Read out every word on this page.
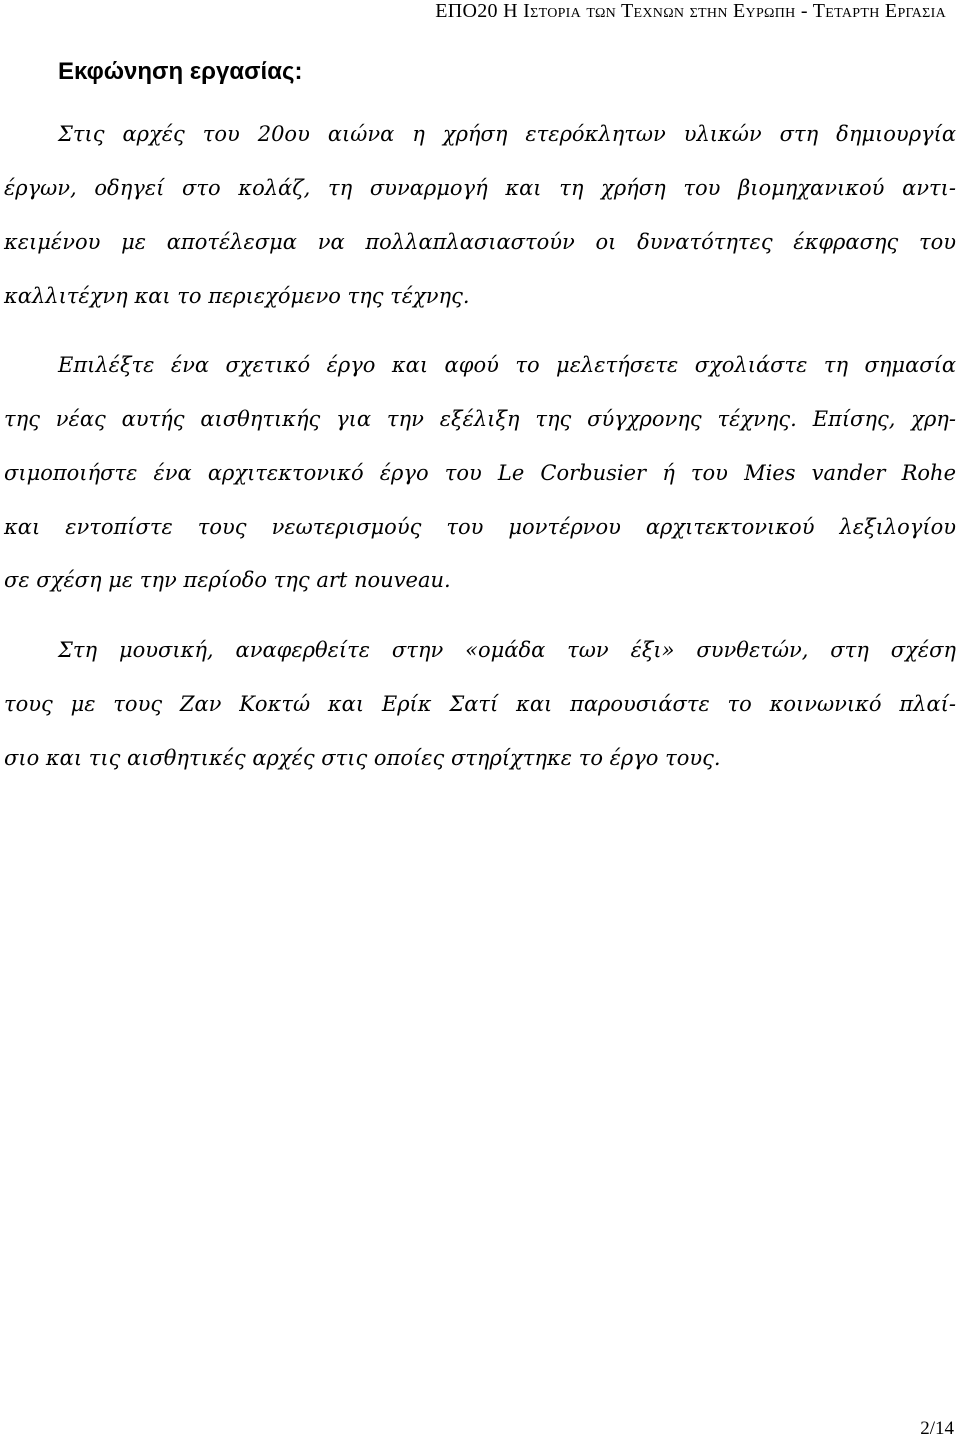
ΕΠΟ20 Η Ιστορια των Τεχνων στην Ευρωπη - Τεταρτη Εργασια
Εκφώνηση εργασίας:
Στις αρχές του 20ου αιώνα η χρήση ετερόκλητων υλικών στη δημιουργία
έργων, οδηγεί στο κολάζ, τη συναρμογή και τη χρήση του βιομηχανικού αντι-
κειμένου με αποτέλεσμα να πολλαπλασιαστούν οι δυνατότητες έκφρασης του
καλλιτέχνη και το περιεχόμενο της τέχνης.
Επιλέξτε ένα σχετικό έργο και αφού το μελετήσετε σχολιάστε τη σημασία
της νέας αυτής αισθητικής για την εξέλιξη της σύγχρονης τέχνης. Επίσης, χρη-
σιμοποιήστε ένα αρχιτεκτονικό έργο του Le Corbusier ή του Mies vander Rohe
και εντοπίστε τους νεωτερισμούς του μοντέρνου αρχιτεκτονικού λεξιλογίου
σε σχέση με την περίοδο της art nouveau.
Στη μουσική, αναφερθείτε στην «ομάδα των έξι» συνθετών, στη σχέση
τους με τους Ζαν Κοκτώ και Ερίκ Σατί και παρουσιάστε το κοινωνικό πλαί-
σιο και τις αισθητικές αρχές στις οποίες στηρίχτηκε το έργο τους.
2/14
